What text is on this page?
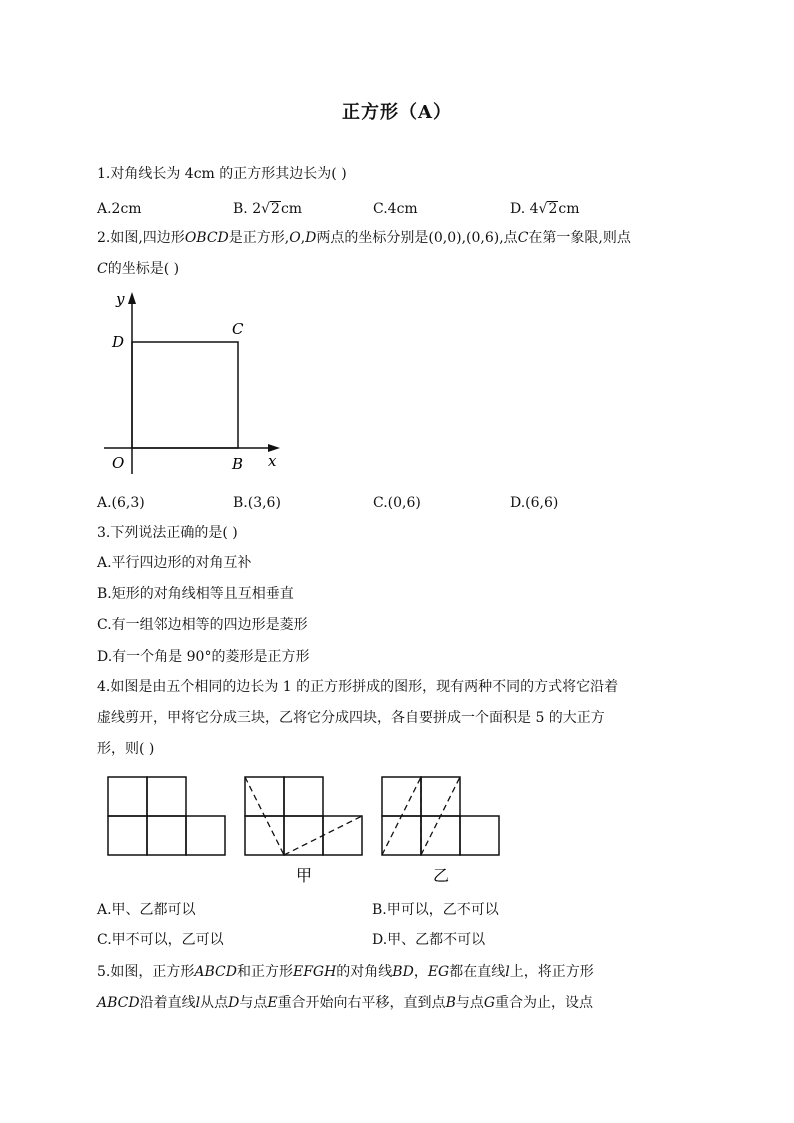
正方形（A）
1.对角线长为 4cm 的正方形其边长为( )
A.2cm	B. 2√2cm	C.4cm	D. 4√2cm
2.如图,四边形OBCD是正方形,O,D两点的坐标分别是(0,0),(0,6),点C在第一象限,则点
C的坐标是( )
y
x
O	B
C
D
A.(6,3)	B.(3,6)	C.(0,6)	D.(6,6)
3.下列说法正确的是( )
A.平行四边形的对角互补
B.矩形的对角线相等且互相垂直
C.有一组邻边相等的四边形是菱形
D.有一个角是 90°的菱形是正方形
4.如图是由五个相同的边长为 1 的正方形拼成的图形，现有两种不同的方式将它沿着
虚线剪开，甲将它分成三块，乙将它分成四块，各自要拼成一个面积是 5 的大正方
形，则( )
甲	乙
A.甲、乙都可以	B.甲可以，乙不可以
C.甲不可以，乙可以	D.甲、乙都不可以
5.如图，正方形ABCD和正方形EFGH的对角线BD，EG都在直线l上，将正方形
ABCD沿着直线l从点D与点E重合开始向右平移，直到点B与点G重合为止，设点
